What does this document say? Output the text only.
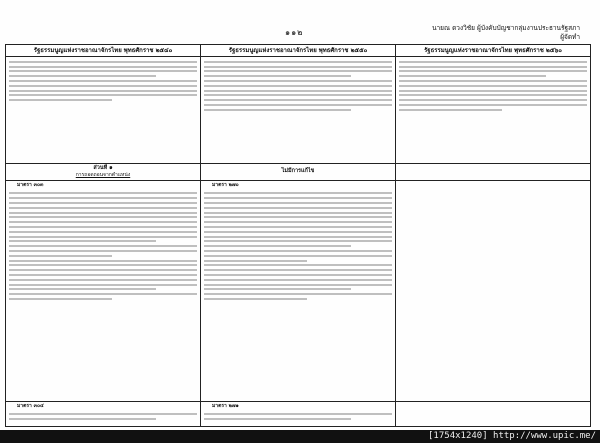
๑๑๒	นายณ ดวงวิชัย ผู้บังคับบัญชากลุ่มงานประธานรัฐสภา
ผู้จัดทำ
รัฐธรรมนูญแห่งราชอาณาจักรไทย พุทธศักราช ๒๕๔๐	รัฐธรรมนูญแห่งราชอาณาจักรไทย พุทธศักราช ๒๕๕๐	รัฐธรรมนูญแห่งราชอาณาจักรไทย พุทธศักราช ๒๕๖๐

ส่วนที่ ๑
การถอดถอนจากตำแหน่ง	ไม่มีการแก้ไข	

มาตรา ๓๐๓	มาตรา ๒๗๐	

มาตรา ๓๐๔	มาตรา ๒๗๑	

[1754x1240] http://www.upic.me/
